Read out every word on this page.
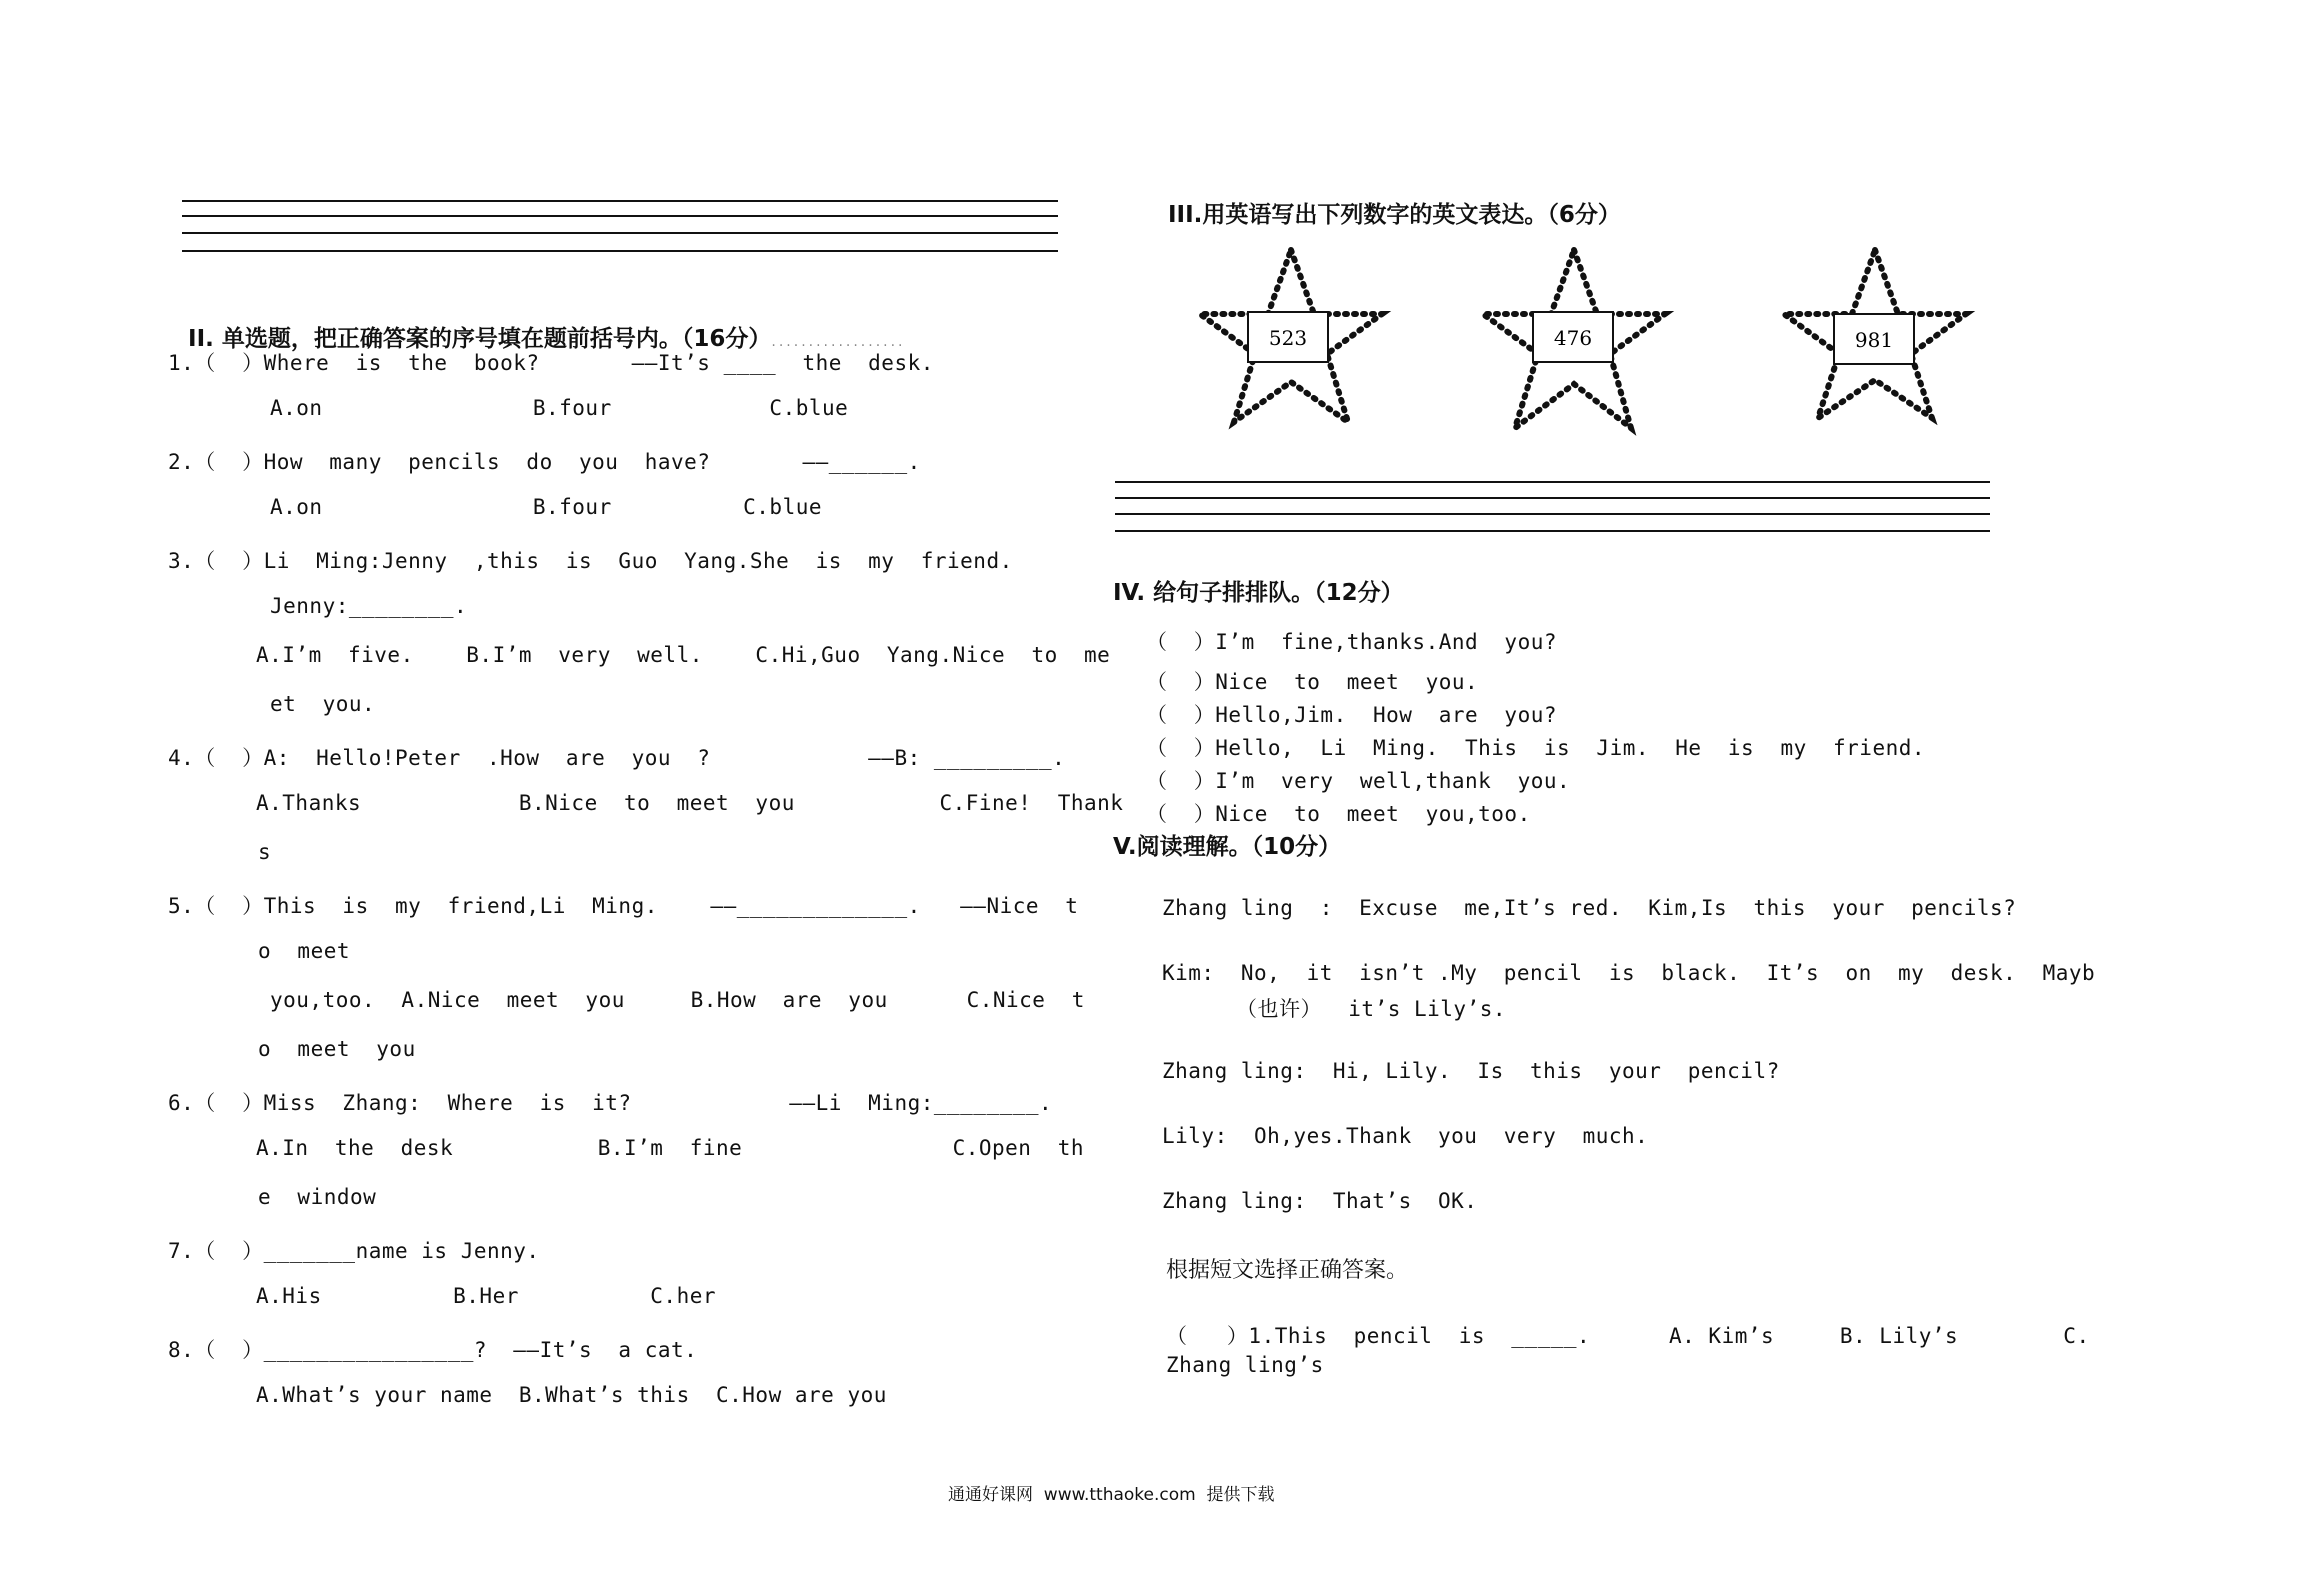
II. 单选题，把正确答案的序号填在题前括号内。（16分）..................

1.（  ）Where  is  the  book?       ——It’s ____  the  desk.
A.on                B.four            C.blue
2.（  ）How  many  pencils  do  you  have?       ——______.
A.on                B.four          C.blue
3.（  ）Li  Ming:Jenny  ,this  is  Guo  Yang.She  is  my  friend.
Jenny:________.
A.I’m  five.    B.I’m  very  well.    C.Hi,Guo  Yang.Nice  to  me
et  you.
4.（  ）A:  Hello!Peter  .How  are  you  ?            ——B: _________.
A.Thanks            B.Nice  to  meet  you           C.Fine!  Thank
s
5.（  ）This  is  my  friend,Li  Ming.    ——_____________.   ——Nice  t
o  meet
you,too.  A.Nice  meet  you     B.How  are  you      C.Nice  t
o  meet  you
6.（  ）Miss  Zhang:  Where  is  it?            ——Li  Ming:________.
A.In  the  desk           B.I’m  fine                C.Open  th
e  window
7.（  ）_______name is Jenny.
A.His          B.Her          C.her
8.（  ）________________?  ——It’s  a cat.
A.What’s your name  B.What’s this  C.How are you
III.用英语写出下列数字的英文表达。（6分）
523	476	981
IV. 给句子排排队。（12分）
（  ）I’m  fine,thanks.And  you?
（  ）Nice  to  meet  you.
（  ）Hello,Jim.  How  are  you?
（  ）Hello,  Li  Ming.  This  is  Jim.  He  is  my  friend.
（  ）I’m  very  well,thank  you.
（  ）Nice  to  meet  you,too.
V.阅读理解。（10分）
Zhang ling  :  Excuse  me,It’s red.  Kim,Is  this  your  pencils?
Kim:  No,  it  isn’t .My  pencil  is  black.  It’s  on  my  desk.  Mayb
（也许）  it’s Lily’s.
Zhang ling:  Hi, Lily.  Is  this  your  pencil?
Lily:  Oh,yes.Thank  you  very  much.
Zhang ling:  That’s  OK.
根据短文选择正确答案。
（   ）1.This  pencil  is  _____.      A. Kim’s     B. Lily’s        C.
Zhang ling’s
通通好课网  www.tthaoke.com  提供下载
